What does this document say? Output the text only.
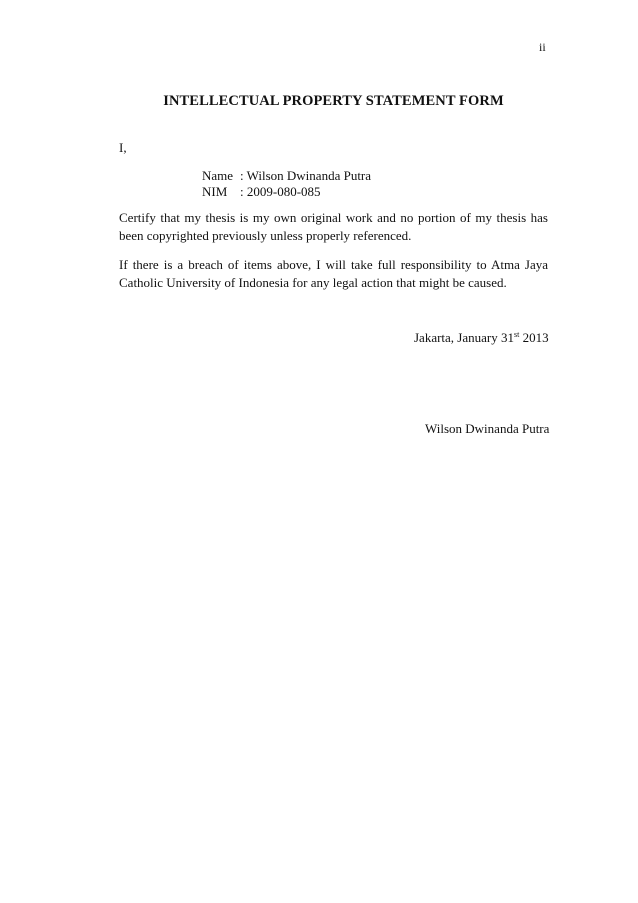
ii
INTELLECTUAL PROPERTY STATEMENT FORM
I,
Name : Wilson Dwinanda Putra
NIM : 2009-080-085
Certify that my thesis is my own original work and no portion of my thesis has been copyrighted previously unless properly referenced.
If there is a breach of items above, I will take full responsibility to Atma Jaya Catholic University of Indonesia for any legal action that might be caused.
Jakarta, January 31st 2013
Wilson Dwinanda Putra
